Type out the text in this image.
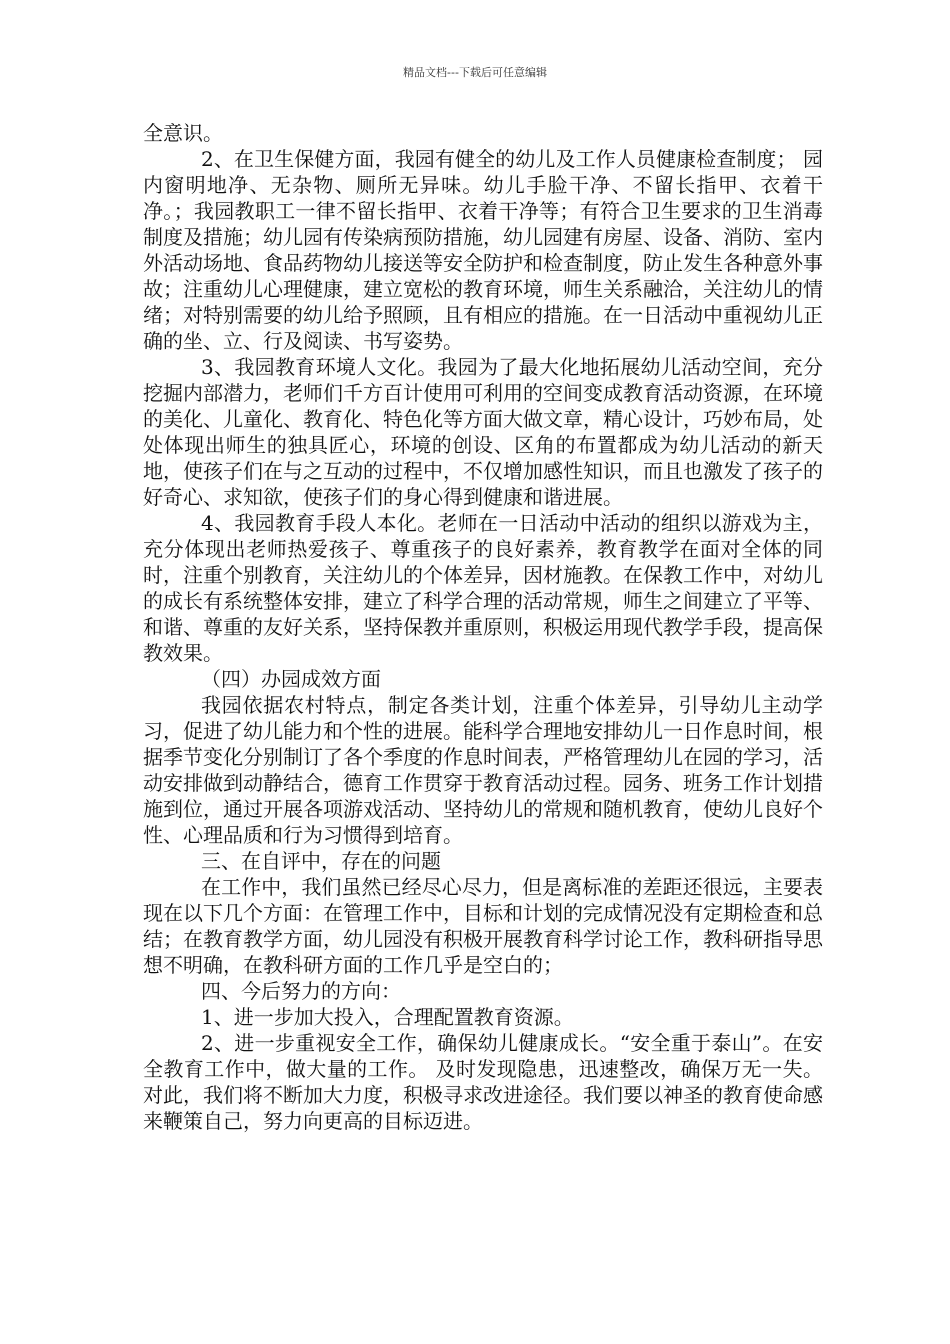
精品文档---下载后可任意编辑

全意识。

2、在卫生保健方面，我园有健全的幼儿及工作人员健康检查制度； 园内窗明地净、无杂物、厕所无异味。幼儿手脸干净、不留长指甲、衣着干净。；我园教职工一律不留长指甲、衣着干净等；有符合卫生要求的卫生消毒制度及措施；幼儿园有传染病预防措施，幼儿园建有房屋、设备、消防、室内外活动场地、食品药物幼儿接送等安全防护和检查制度，防止发生各种意外事故；注重幼儿心理健康，建立宽松的教育环境，师生关系融洽，关注幼儿的情绪；对特别需要的幼儿给予照顾，且有相应的措施。在一日活动中重视幼儿正确的坐、立、行及阅读、书写姿势。

3、我园教育环境人文化。我园为了最大化地拓展幼儿活动空间，充分挖掘内部潜力，老师们千方百计使用可利用的空间变成教育活动资源，在环境的美化、儿童化、教育化、特色化等方面大做文章，精心设计，巧妙布局，处处体现出师生的独具匠心，环境的创设、区角的布置都成为幼儿活动的新天地，使孩子们在与之互动的过程中，不仅增加感性知识，而且也激发了孩子的好奇心、求知欲，使孩子们的身心得到健康和谐进展。

4、我园教育手段人本化。老师在一日活动中活动的组织以游戏为主，充分体现出老师热爱孩子、尊重孩子的良好素养，教育教学在面对全体的同时，注重个别教育，关注幼儿的个体差异，因材施教。在保教工作中，对幼儿的成长有系统整体安排，建立了科学合理的活动常规，师生之间建立了平等、和谐、尊重的友好关系，坚持保教并重原则，积极运用现代教学手段，提高保教效果。

（四）办园成效方面

我园依据农村特点，制定各类计划，注重个体差异，引导幼儿主动学习，促进了幼儿能力和个性的进展。能科学合理地安排幼儿一日作息时间，根据季节变化分别制订了各个季度的作息时间表，严格管理幼儿在园的学习，活动安排做到动静结合，德育工作贯穿于教育活动过程。园务、班务工作计划措施到位，通过开展各项游戏活动、坚持幼儿的常规和随机教育，使幼儿良好个性、心理品质和行为习惯得到培育。

三、在自评中，存在的问题

在工作中，我们虽然已经尽心尽力，但是离标准的差距还很远，主要表现在以下几个方面：在管理工作中，目标和计划的完成情况没有定期检查和总结；在教育教学方面，幼儿园没有积极开展教育科学讨论工作，教科研指导思想不明确，在教科研方面的工作几乎是空白的；

四、今后努力的方向：

1、进一步加大投入，合理配置教育资源。

2、进一步重视安全工作，确保幼儿健康成长。“安全重于泰山”。在安全教育工作中，做大量的工作。 及时发现隐患，迅速整改，确保万无一失。对此，我们将不断加大力度，积极寻求改进途径。我们要以神圣的教育使命感来鞭策自己，努力向更高的目标迈进。
